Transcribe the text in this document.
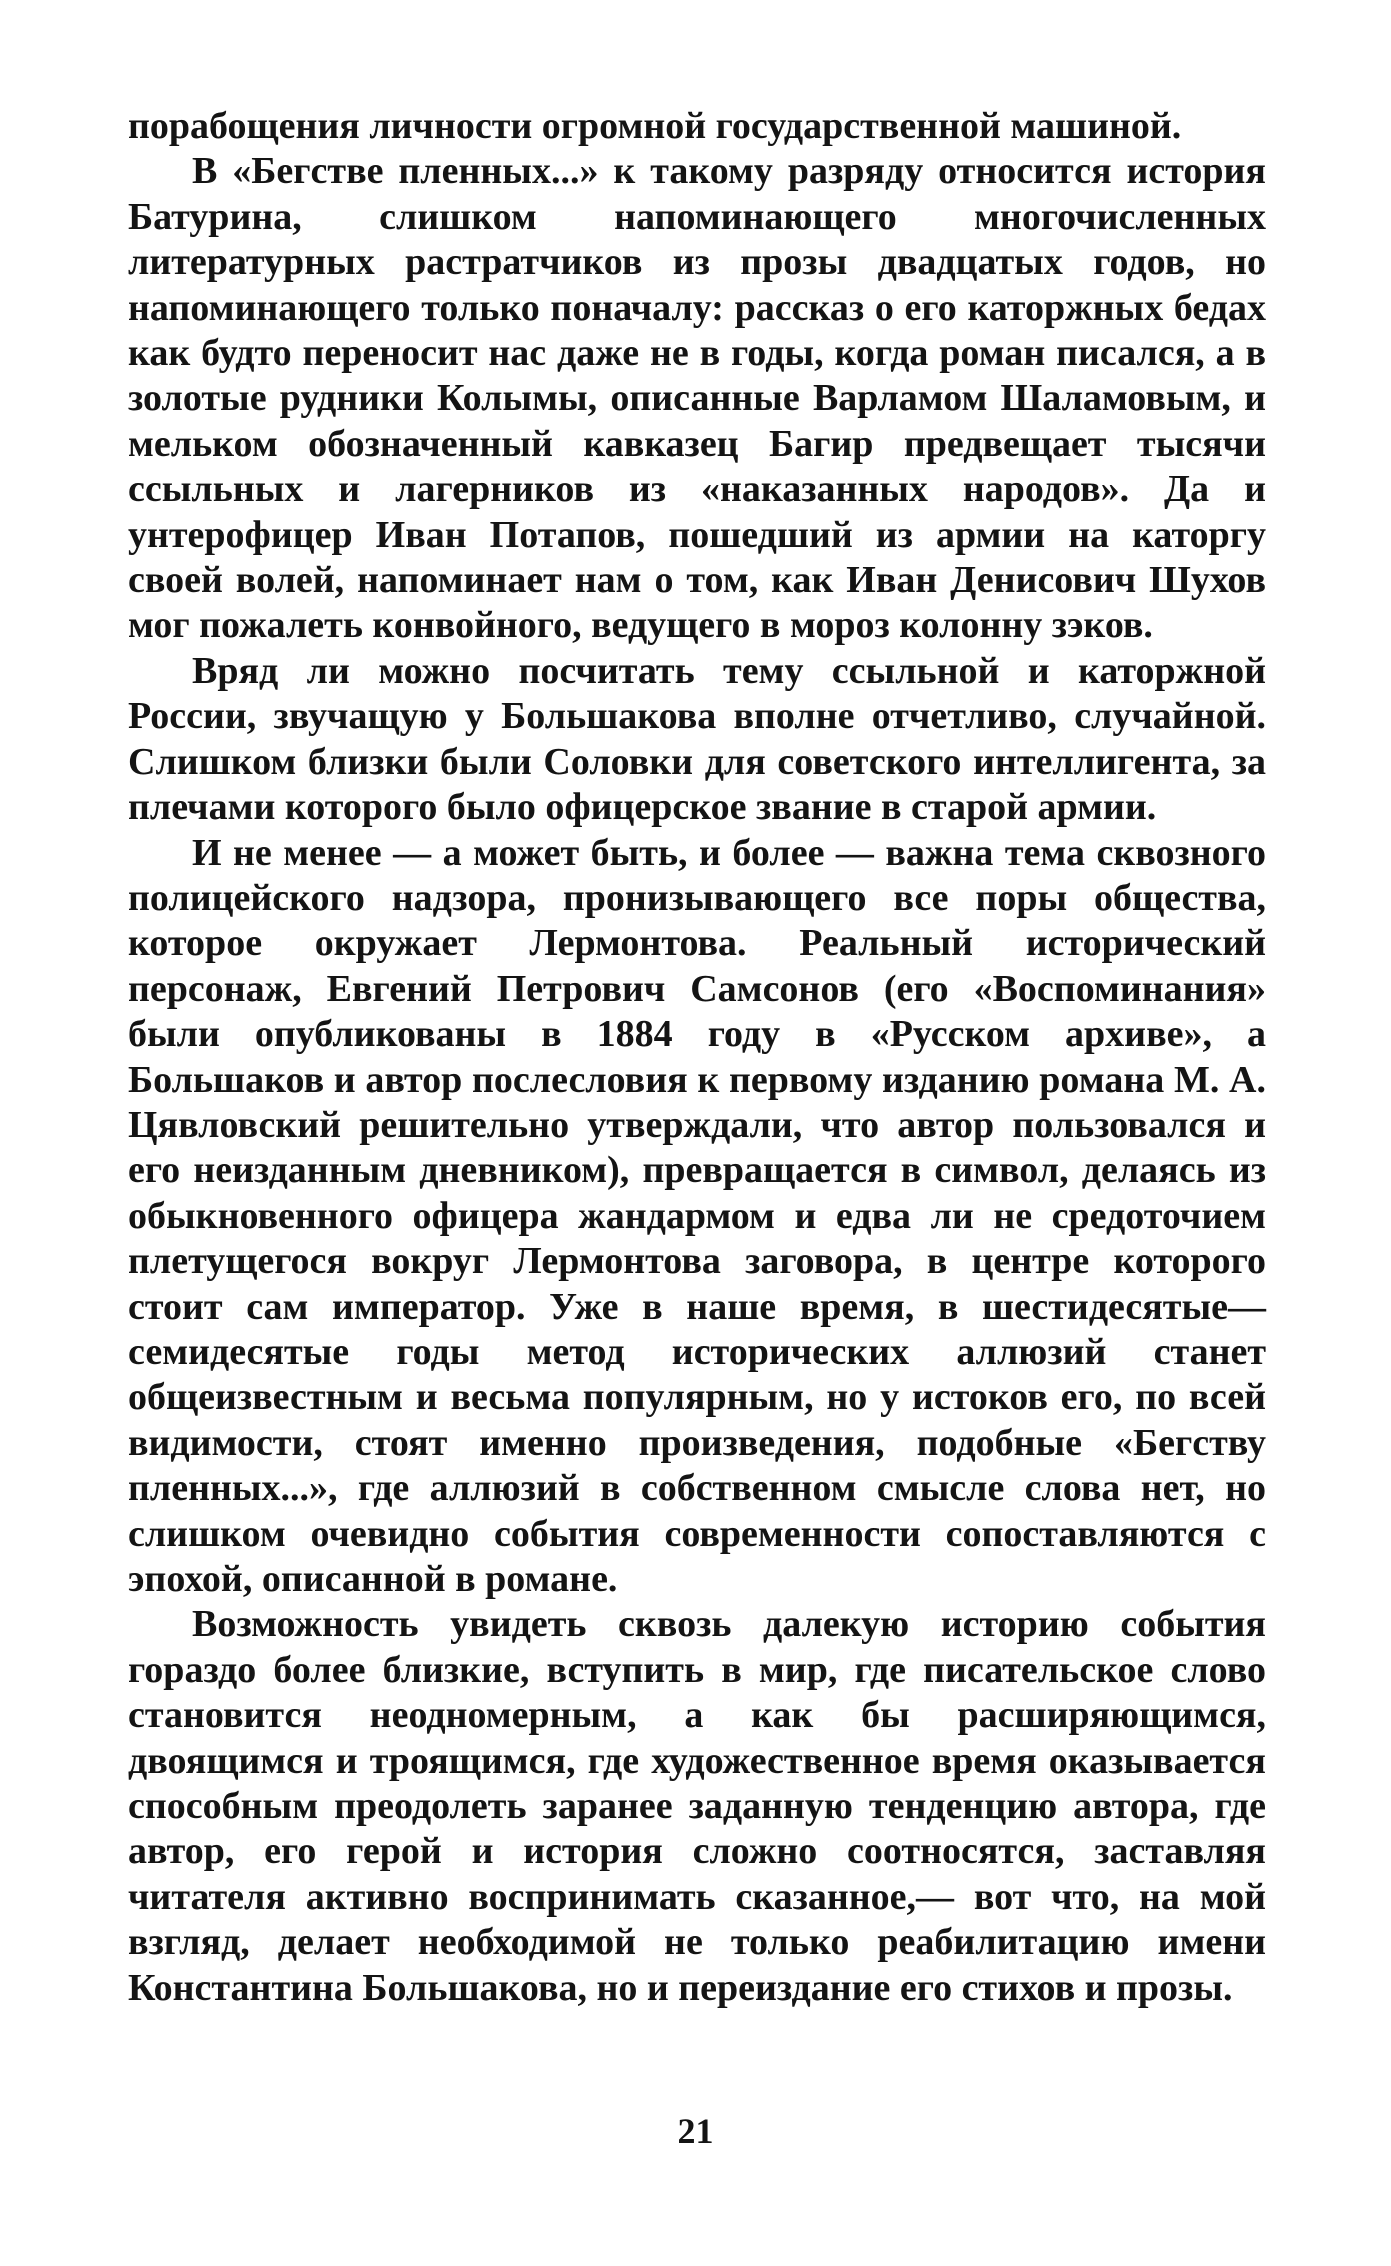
порабощения личности огромной государственной машиной.

В «Бегстве пленных...» к такому разряду относится история Батурина, слишком напоминающего многочисленных литературных растратчиков из прозы двадцатых годов, но напоминающего только поначалу: рассказ о его каторжных бедах как будто переносит нас даже не в годы, когда роман писался, а в золотые рудники Колымы, описанные Варламом Шаламовым, и мельком обозначенный кавказец Багир предвещает тысячи ссыльных и лагерников из «наказанных народов». Да и унтерофицер Иван Потапов, пошедший из армии на каторгу своей волей, напоминает нам о том, как Иван Денисович Шухов мог пожалеть конвойного, ведущего в мороз колонну зэков.

Вряд ли можно посчитать тему ссыльной и каторжной России, звучащую у Большакова вполне отчетливо, случайной. Слишком близки были Соловки для советского интеллигента, за плечами которого было офицерское звание в старой армии.

И не менее — а может быть, и более — важна тема сквозного полицейского надзора, пронизывающего все поры общества, которое окружает Лермонтова. Реальный исторический персонаж, Евгений Петрович Самсонов (его «Воспоминания» были опубликованы в 1884 году в «Русском архиве», а Большаков и автор послесловия к первому изданию романа М. А. Цявловский решительно утверждали, что автор пользовался и его неизданным дневником), превращается в символ, делаясь из обыкновенного офицера жандармом и едва ли не средоточием плетущегося вокруг Лермонтова заговора, в центре которого стоит сам император. Уже в наше время, в шестидесятые—семидесятые годы метод исторических аллюзий станет общеизвестным и весьма популярным, но у истоков его, по всей видимости, стоят именно произведения, подобные «Бегству пленных...», где аллюзий в собственном смысле слова нет, но слишком очевидно события современности сопоставляются с эпохой, описанной в романе.

Возможность увидеть сквозь далекую историю события гораздо более близкие, вступить в мир, где писательское слово становится неодномерным, а как бы расширяющимся, двоящимся и троящимся, где художественное время оказывается способным преодолеть заранее заданную тенденцию автора, где автор, его герой и история сложно соотносятся, заставляя читателя активно воспринимать сказанное,— вот что, на мой взгляд, делает необходимой не только реабилитацию имени Константина Большакова, но и переиздание его стихов и прозы.

21
